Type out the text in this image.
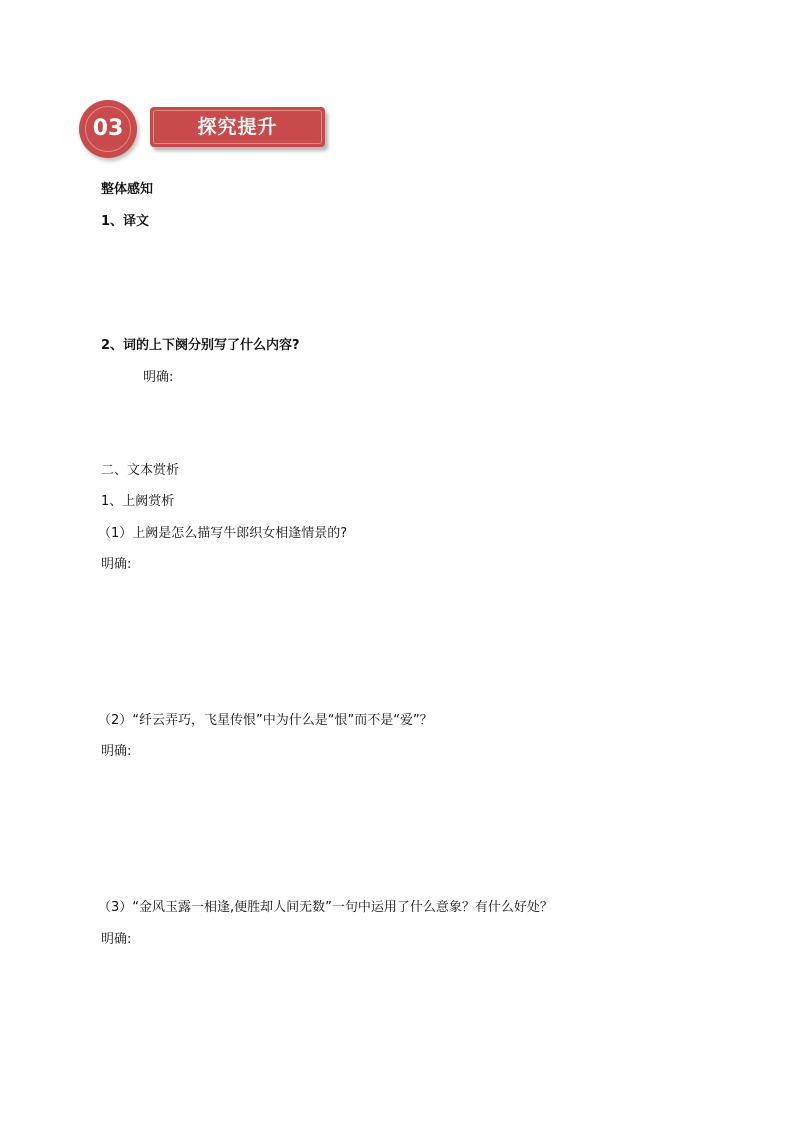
03	探究提升
整体感知
1、译文
2、词的上下阕分别写了什么内容?
明确:
二、文本赏析
1、上阙赏析
（1）上阙是怎么描写牛郎织女相逢情景的?
明确:
（2）“纤云弄巧，飞星传恨”中为什么是“恨”而不是“爱”？
明确:
（3）“金风玉露一相逢,便胜却人间无数”一句中运用了什么意象？有什么好处？
明确:
